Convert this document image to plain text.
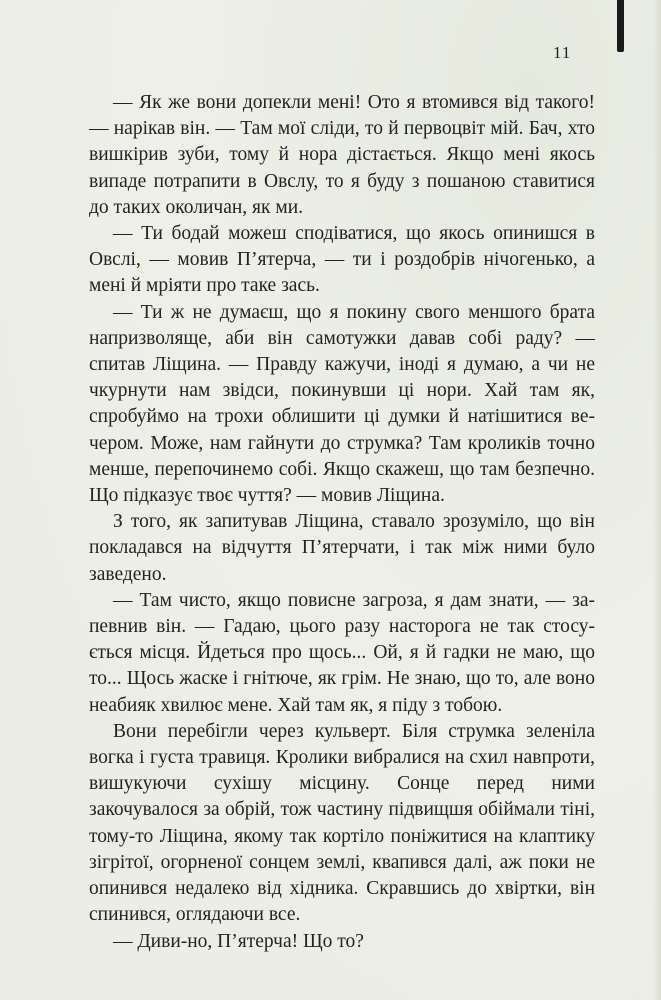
11

— Як же вони допекли мені! Ото я втомився від такого! — нарікав він. — Там мої сліди, то й первоцвіт мій. Бач, хто вишкірив зуби, тому й нора дістається. Якщо мені якось випаде потрапити в Овслу, то я буду з пошаною ставитися до таких околичан, як ми.

— Ти бодай можеш сподіватися, що якось опинишся в Овслі, — мовив П’ятерча, — ти і роздобрів нічогенько, а мені й мріяти про таке зась.

— Ти ж не думаєш, що я покину свого меншого брата напризволяще, аби він самотужки давав собі раду? — спитав Ліщина. — Правду кажучи, іноді я думаю, а чи не чкурнути нам звідси, покинувши ці нори. Хай там як, спробуймо на трохи облишити ці думки й натішитися вечером. Може, нам гайнути до струмка? Там кроликів точно менше, перепочинемо собі. Якщо скажеш, що там безпечно. Що підказує твоє чуття? — мовив Ліщина.

З того, як запитував Ліщина, ставало зрозуміло, що він покладався на відчуття П’ятерчати, і так між ними було заведено.

— Там чисто, якщо повисне загроза, я дам знати, — запевнив він. — Гадаю, цього разу насторога не так стосується місця. Йдеться про щось... Ой, я й гадки не маю, що то... Щось жаске і гнітюче, як грім. Не знаю, що то, але воно неабияк хвилює мене. Хай там як, я піду з тобою.

Вони перебігли через кульверт. Біля струмка зеленіла вогка і густа травиця. Кролики вибралися на схил навпроти, вишукуючи сухішу місцину. Сонце перед ними закочувалося за обрій, тож частину підвищшя обіймали тіні, тому-то Ліщина, якому так кортіло поніжитися на клаптику зігрітої, огорненої сонцем землі, квапився далі, аж поки не опинився недалеко від хідника. Скравшись до хвіртки, він спинився, оглядаючи все.

— Диви-но, П’ятерча! Що то?
